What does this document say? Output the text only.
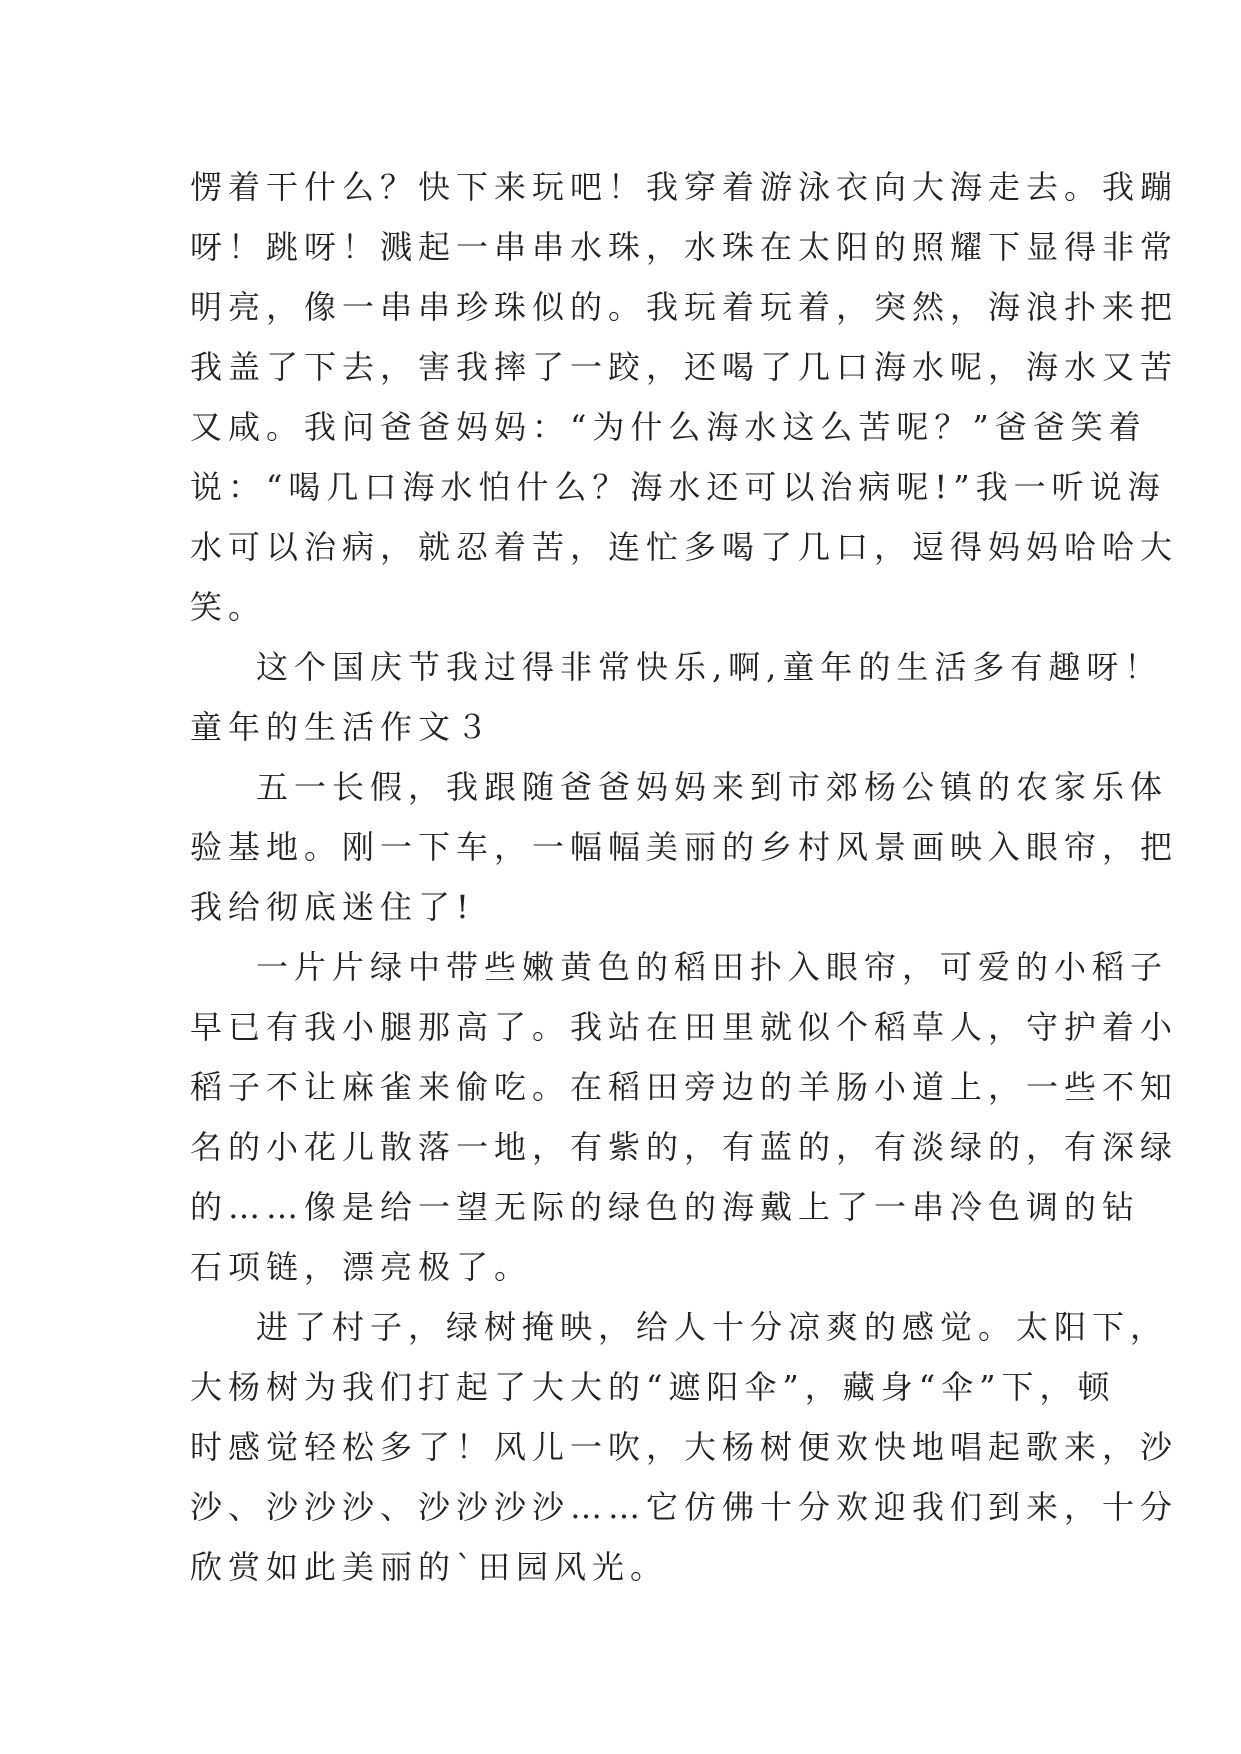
愣着干什么？快下来玩吧！我穿着游泳衣向大海走去。我蹦
呀！跳呀！溅起一串串水珠，水珠在太阳的照耀下显得非常
明亮，像一串串珍珠似的。我玩着玩着，突然，海浪扑来把
我盖了下去，害我摔了一跤，还喝了几口海水呢，海水又苦
又咸。我问爸爸妈妈：“为什么海水这么苦呢？”爸爸笑着
说：“喝几口海水怕什么？海水还可以治病呢!”我一听说海
水可以治病，就忍着苦，连忙多喝了几口，逗得妈妈哈哈大
笑。
这个国庆节我过得非常快乐,啊,童年的生活多有趣呀！
童年的生活作文３
五一长假，我跟随爸爸妈妈来到市郊杨公镇的农家乐体
验基地。刚一下车，一幅幅美丽的乡村风景画映入眼帘，把
我给彻底迷住了!
一片片绿中带些嫩黄色的稻田扑入眼帘，可爱的小稻子
早已有我小腿那高了。我站在田里就似个稻草人，守护着小
稻子不让麻雀来偷吃。在稻田旁边的羊肠小道上，一些不知
名的小花儿散落一地，有紫的，有蓝的，有淡绿的，有深绿
的……像是给一望无际的绿色的海戴上了一串冷色调的钻
石项链，漂亮极了。
进了村子，绿树掩映，给人十分凉爽的感觉。太阳下，
大杨树为我们打起了大大的“遮阳伞”，藏身“伞”下，顿
时感觉轻松多了！风儿一吹，大杨树便欢快地唱起歌来，沙
沙、沙沙沙、沙沙沙沙……它仿佛十分欢迎我们到来，十分
欣赏如此美丽的`田园风光。
